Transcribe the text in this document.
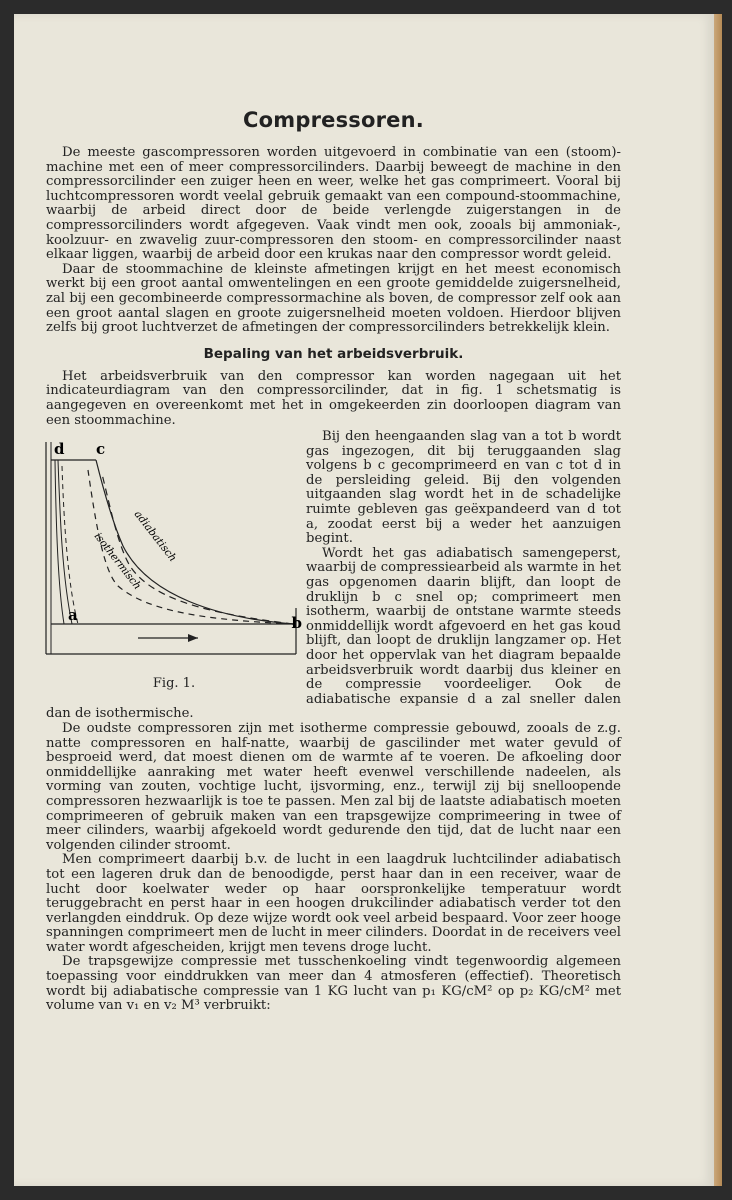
Compressoren.

De meeste gascompressoren worden uitgevoerd in combinatie van een (stoom)-machine met een of meer compressorcilinders. Daarbij beweegt de machine in den compressorcilinder een zuiger heen en weer, welke het gas comprimeert. Vooral bij luchtcompressoren wordt veelal gebruik gemaakt van een compound-stoommachine, waarbij de arbeid direct door de beide verlengde zuigerstangen in de compressorcilinders wordt afgegeven. Vaak vindt men ook, zooals bij ammoniak-, koolzuur- en zwavelig zuur-compressoren den stoom- en compressorcilinder naast elkaar liggen, waarbij de arbeid door een krukas naar den compressor wordt geleid.

Daar de stoommachine de kleinste afmetingen krijgt en het meest economisch werkt bij een groot aantal omwentelingen en een groote gemiddelde zuigersnelheid, zal bij een gecombineerde compressormachine als boven, de compressor zelf ook aan een groot aantal slagen en groote zuigersnelheid moeten voldoen. Hierdoor blijven zelfs bij groot luchtverzet de afmetingen der compressorcilinders betrekkelijk klein.

Bepaling van het arbeidsverbruik.

Het arbeidsverbruik van den compressor kan worden nagegaan uit het indicateurdiagram van den compressorcilinder, dat in fig. 1 schetsmatig is aangegeven en overeenkomt met het in omgekeerden zin doorloopen diagram van een stoommachine.

d c
a	b
adiabatisch
isothermisch
Fig. 1.

Bij den heengaanden slag van a tot b wordt gas ingezogen, dit bij teruggaanden slag volgens b c gecomprimeerd en van c tot d in de persleiding geleid. Bij den volgenden uitgaanden slag wordt het in de schadelijke ruimte gebleven gas geëxpandeerd van d tot a, zoodat eerst bij a weder het aanzuigen begint.

Wordt het gas adiabatisch samengeperst, waarbij de compressiearbeid als warmte in het gas opgenomen daarin blijft, dan loopt de druklijn b c snel op; comprimeert men isotherm, waarbij de ontstane warmte steeds onmiddellijk wordt afgevoerd en het gas koud blijft, dan loopt de druklijn langzamer op. Het door het oppervlak van het diagram bepaalde arbeidsverbruik wordt daarbij dus kleiner en de compressie voordeeliger. Ook de adiabatische expansie d a zal sneller dalen dan de isothermische.

De oudste compressoren zijn met isotherme compressie gebouwd, zooals de z.g. natte compressoren en half-natte, waarbij de gascilinder met water gevuld of besproeid werd, dat moest dienen om de warmte af te voeren. De afkoeling door onmiddellijke aanraking met water heeft evenwel verschillende nadeelen, als vorming van zouten, vochtige lucht, ijsvorming, enz., terwijl zij bij snelloopende compressoren hezwaarlijk is toe te passen. Men zal bij de laatste adiabatisch moeten comprimeeren of gebruik maken van een trapsgewijze comprimeering in twee of meer cilinders, waarbij afgekoeld wordt gedurende den tijd, dat de lucht naar een volgenden cilinder stroomt.

Men comprimeert daarbij b.v. de lucht in een laagdruk luchtcilinder adiabatisch tot een lageren druk dan de benoodigde, perst haar dan in een receiver, waar de lucht door koelwater weder op haar oorspronkelijke temperatuur wordt teruggebracht en perst haar in een hoogen drukcilinder adiabatisch verder tot den verlangden einddruk. Op deze wijze wordt ook veel arbeid bespaard. Voor zeer hooge spanningen comprimeert men de lucht in meer cilinders. Doordat in de receivers veel water wordt afgescheiden, krijgt men tevens droge lucht.

De trapsgewijze compressie met tusschenkoeling vindt tegenwoordig algemeen toepassing voor einddrukken van meer dan 4 atmosferen (effectief). Theoretisch wordt bij adiabatische compressie van 1 KG lucht van p₁ KG/cM² op p₂ KG/cM² met volume van v₁ en v₂ M³ verbruikt:
